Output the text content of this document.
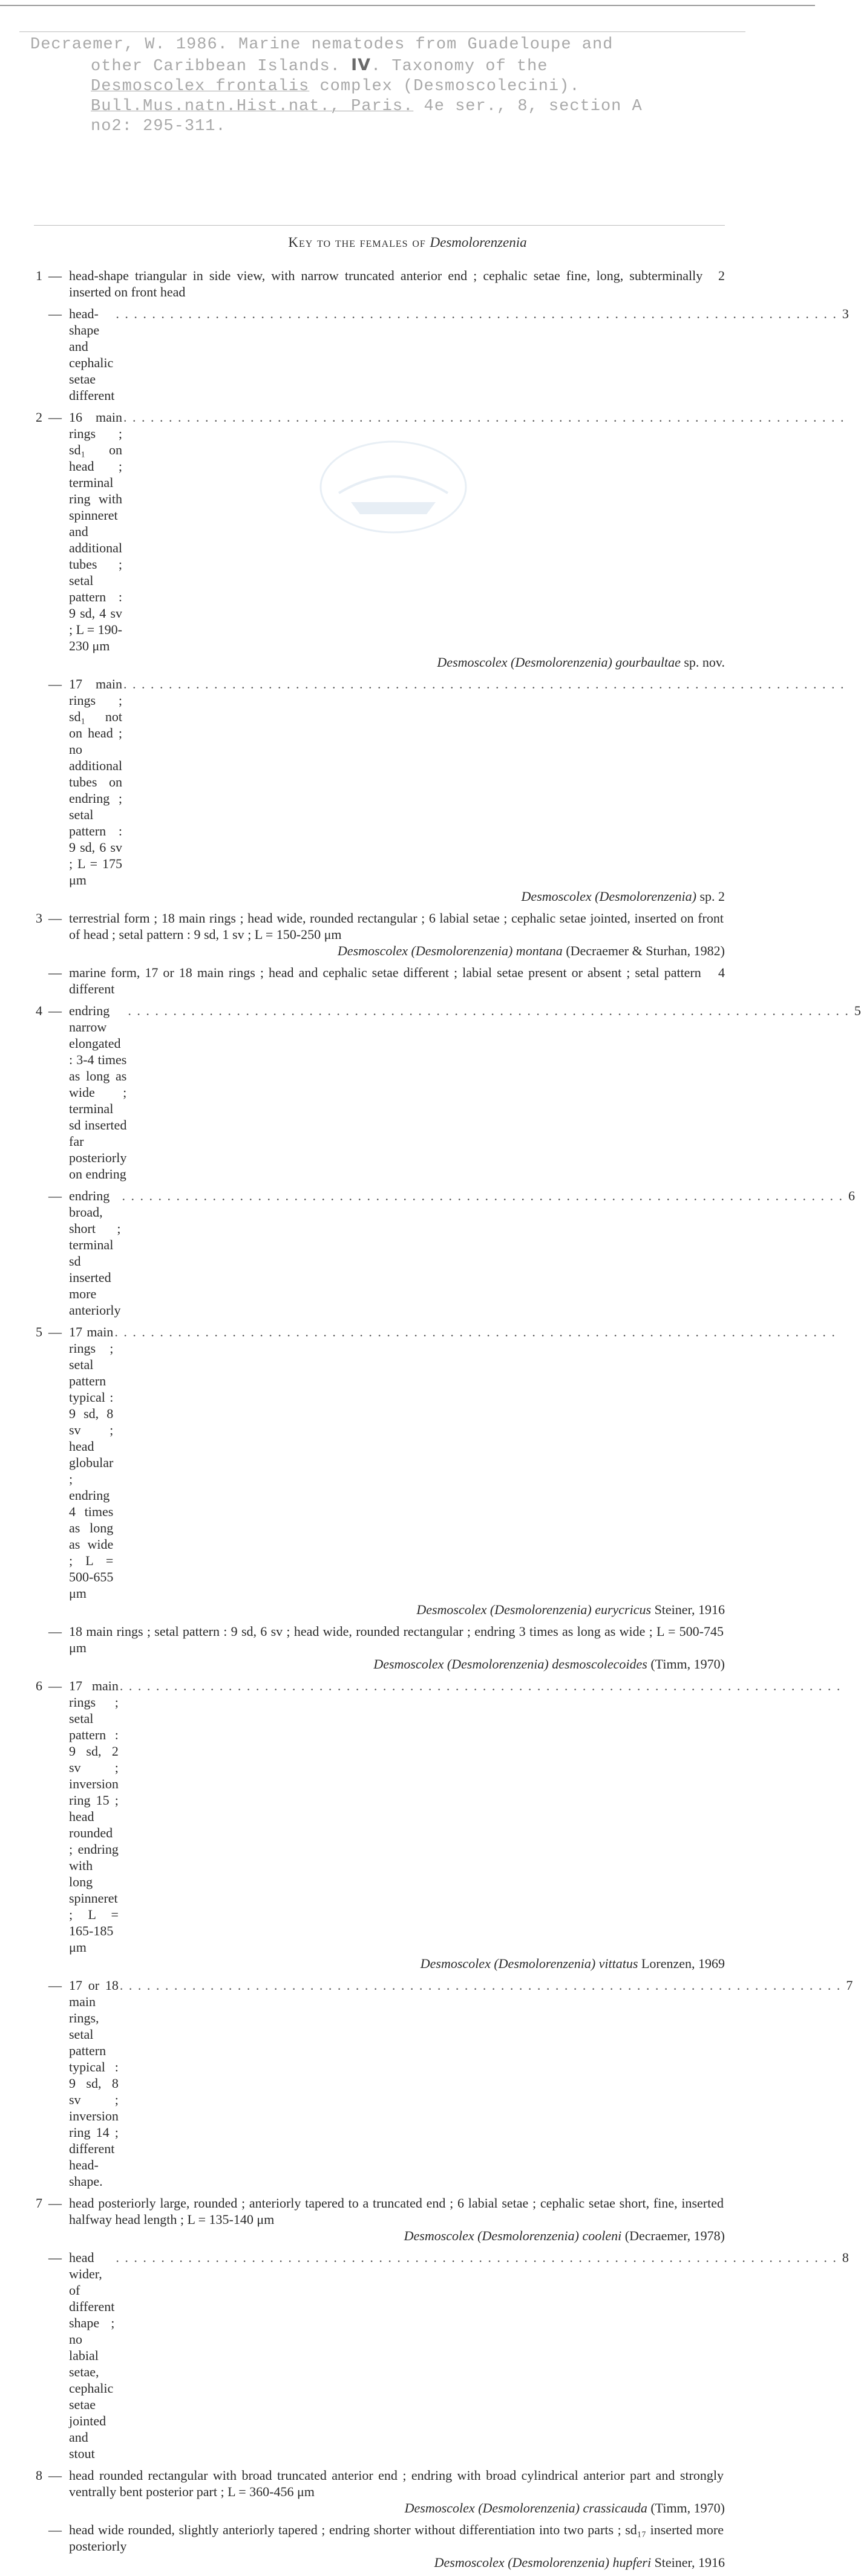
Decraemer, W. 1986. Marine nematodes from Guadeloupe and
other Caribbean Islands. IV. Taxonomy of the
Desmoscolex frontalis complex (Desmoscolecini).
Bull.Mus.natn.Hist.nat., Paris. 4e ser., 8, section A
no2: 295-311.
Key to the females of Desmolorenzenia
1 — head-shape triangular in side view, with narrow truncated anterior end ; cephalic setae fine, long, subterminally inserted on front head
2
— head-shape and cephalic setae different
. . . . . . . . . . . . . . . . . . . . . . . . . . . . . . . . . . . . . . . . . . . . . . . . . . . . . . . . . . . . . . . . . . . . . . . . . . . . . . . . 3
2 — 16 main rings ; sd₁ on head ; terminal ring with spinneret and additional tubes ; setal pattern : 9 sd, 4 sv ; L = 190-230 μm
. . . . . . . . . . . . . . . . . . . . . . . . . . . . . . . . . . . . . . . . . . . . . . . . . . . . . . . . . . . . . . . . . . . . . . . . . . . . . . . .
Desmoscolex (Desmolorenzenia) gourbaultae sp. nov.
— 17 main rings ; sd₁ not on head ; no additional tubes on endring ; setal pattern : 9 sd, 6 sv ; L = 175 μm
. . . . . . . . . . . . . . . . . . . . . . . . . . . . . . . . . . . . . . . . . . . . . . . . . . . . . . . . . . . . . . . . . . . . . . . . . . . . . . . .
Desmoscolex (Desmolorenzenia) sp. 2
3 — terrestrial form ; 18 main rings ; head wide, rounded rectangular ; 6 labial setae ; cephalic setae jointed, inserted on front of head ; setal pattern : 9 sd, 1 sv ; L = 150-250 μm
Desmoscolex (Desmolorenzenia) montana (Decraemer & Sturhan, 1982)
— marine form, 17 or 18 main rings ; head and cephalic setae different ; labial setae present or absent ; setal pattern different
4
4 — endring narrow elongated : 3-4 times as long as wide ; terminal sd inserted far posteriorly on endring
. . . . . . . . . . . . . . . . . . . . . . . . . . . . . . . . . . . . . . . . . . . . . . . . . . . . . . . . . . . . . . . . . . . . . . . . . . . . . . . . 5
— endring broad, short ; terminal sd inserted more anteriorly
. . . . . . . . . . . . . . . . . . . . . . . . . . . . . . . . . . . . . . . . . . . . . . . . . . . . . . . . . . . . . . . . . . . . . . . . . . . . . . . . 6
5 — 17 main rings ; setal pattern typical : 9 sd, 8 sv ; head globular ; endring 4 times as long as wide ; L = 500-655 μm
. . . . . . . . . . . . . . . . . . . . . . . . . . . . . . . . . . . . . . . . . . . . . . . . . . . . . . . . . . . . . . . . . . . . . . . . . . . . . . . .
Desmoscolex (Desmolorenzenia) eurycricus Steiner, 1916
— 18 main rings ; setal pattern : 9 sd, 6 sv ; head wide, rounded rectangular ; endring 3 times as long as wide ; L = 500-745 μm
Desmoscolex (Desmolorenzenia) desmoscolecoides (Timm, 1970)
6 — 17 main rings ; setal pattern : 9 sd, 2 sv ; inversion ring 15 ; head rounded ; endring with long spinneret ; L = 165-185 μm
. . . . . . . . . . . . . . . . . . . . . . . . . . . . . . . . . . . . . . . . . . . . . . . . . . . . . . . . . . . . . . . . . . . . . . . . . . . . . . . .
Desmoscolex (Desmolorenzenia) vittatus Lorenzen, 1969
— 17 or 18 main rings, setal pattern typical : 9 sd, 8 sv ; inversion ring 14 ; different head-shape.
. . . . . . . . . . . . . . . . . . . . . . . . . . . . . . . . . . . . . . . . . . . . . . . . . . . . . . . . . . . . . . . . . . . . . . . . . . . . . . . . 7
7 — head posteriorly large, rounded ; anteriorly tapered to a truncated end ; 6 labial setae ; cephalic setae short, fine, inserted halfway head length ; L = 135-140 μm
Desmoscolex (Desmolorenzenia) cooleni (Decraemer, 1978)
— head wider, of different shape ; no labial setae, cephalic setae jointed and stout
. . . . . . . . . . . . . . . . . . . . . . . . . . . . . . . . . . . . . . . . . . . . . . . . . . . . . . . . . . . . . . . . . . . . . . . . . . . . . . . . 8
8 — head rounded rectangular with broad truncated anterior end ; endring with broad cylindrical anterior part and strongly ventrally bent posterior part ; L = 360-456 μm
Desmoscolex (Desmolorenzenia) crassicauda (Timm, 1970)
— head wide rounded, slightly anteriorly tapered ; endring shorter without differentiation into two parts ; sd₁₇ inserted more posteriorly
Desmoscolex (Desmolorenzenia) hupferi Steiner, 1916
